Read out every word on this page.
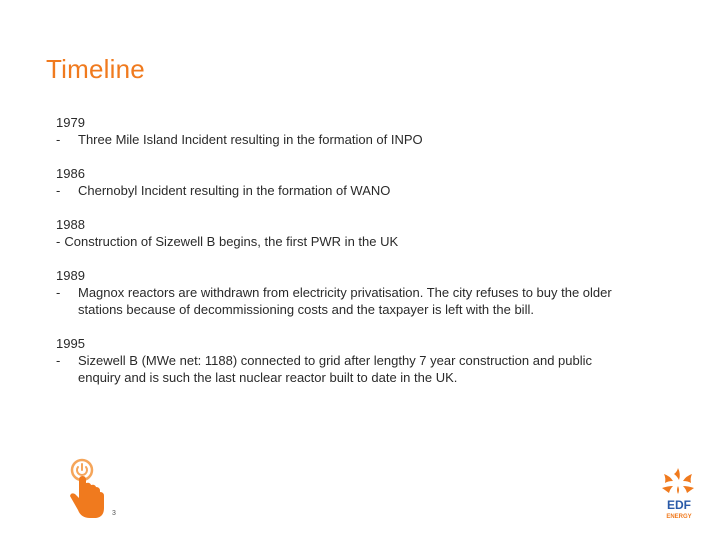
Timeline
1979
-	Three Mile Island Incident resulting in the formation of INPO
1986
-	Chernobyl Incident resulting in the formation of WANO
1988
- Construction of Sizewell B begins, the first PWR in the UK
1989
-	Magnox reactors are withdrawn from electricity privatisation. The city refuses to buy the older stations because of decommissioning costs and the taxpayer is left with the bill.
1995
-	Sizewell B (MWe net: 1188) connected to grid after lengthy 7 year construction and public enquiry and is such the last nuclear reactor built to date in the UK.
3
EDF
ENERGY
